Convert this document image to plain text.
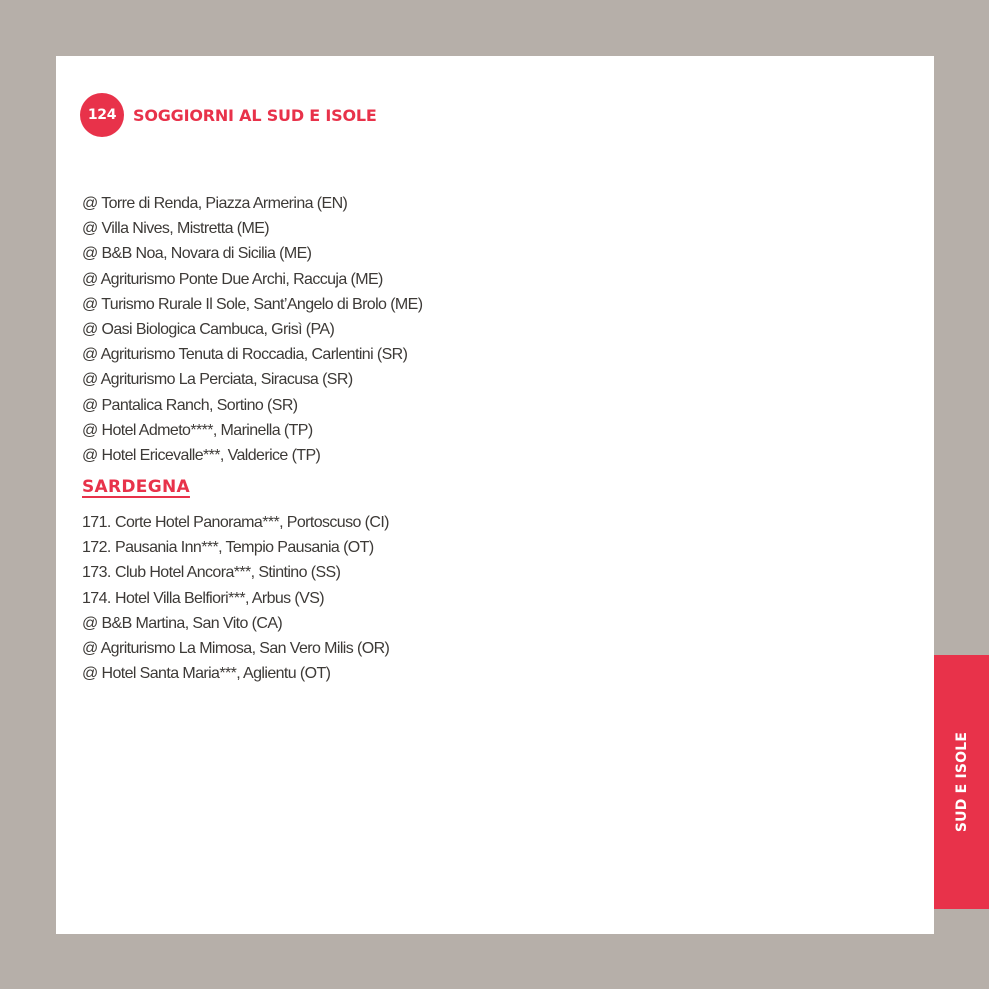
124	SOGGIORNI AL SUD E ISOLE
@ Torre di Renda, Piazza Armerina (EN)
@ Villa Nives, Mistretta (ME)
@ B&B Noa, Novara di Sicilia (ME)
@ Agriturismo Ponte Due Archi, Raccuja (ME)
@ Turismo Rurale Il Sole, Sant’Angelo di Brolo (ME)
@ Oasi Biologica Cambuca, Grisì (PA)
@ Agriturismo Tenuta di Roccadia, Carlentini (SR)
@ Agriturismo La Perciata, Siracusa (SR)
@ Pantalica Ranch, Sortino (SR)
@ Hotel Admeto****, Marinella (TP)
@ Hotel Ericevalle***, Valderice (TP)
SARDEGNA
171. Corte Hotel Panorama***, Portoscuso (CI)
172. Pausania Inn***, Tempio Pausania (OT)
173. Club Hotel Ancora***, Stintino (SS)
174. Hotel Villa Belfiori***, Arbus (VS)
@ B&B Martina, San Vito (CA)
@ Agriturismo La Mimosa, San Vero Milis (OR)
@ Hotel Santa Maria***, Aglientu (OT)
SUD E ISOLE
